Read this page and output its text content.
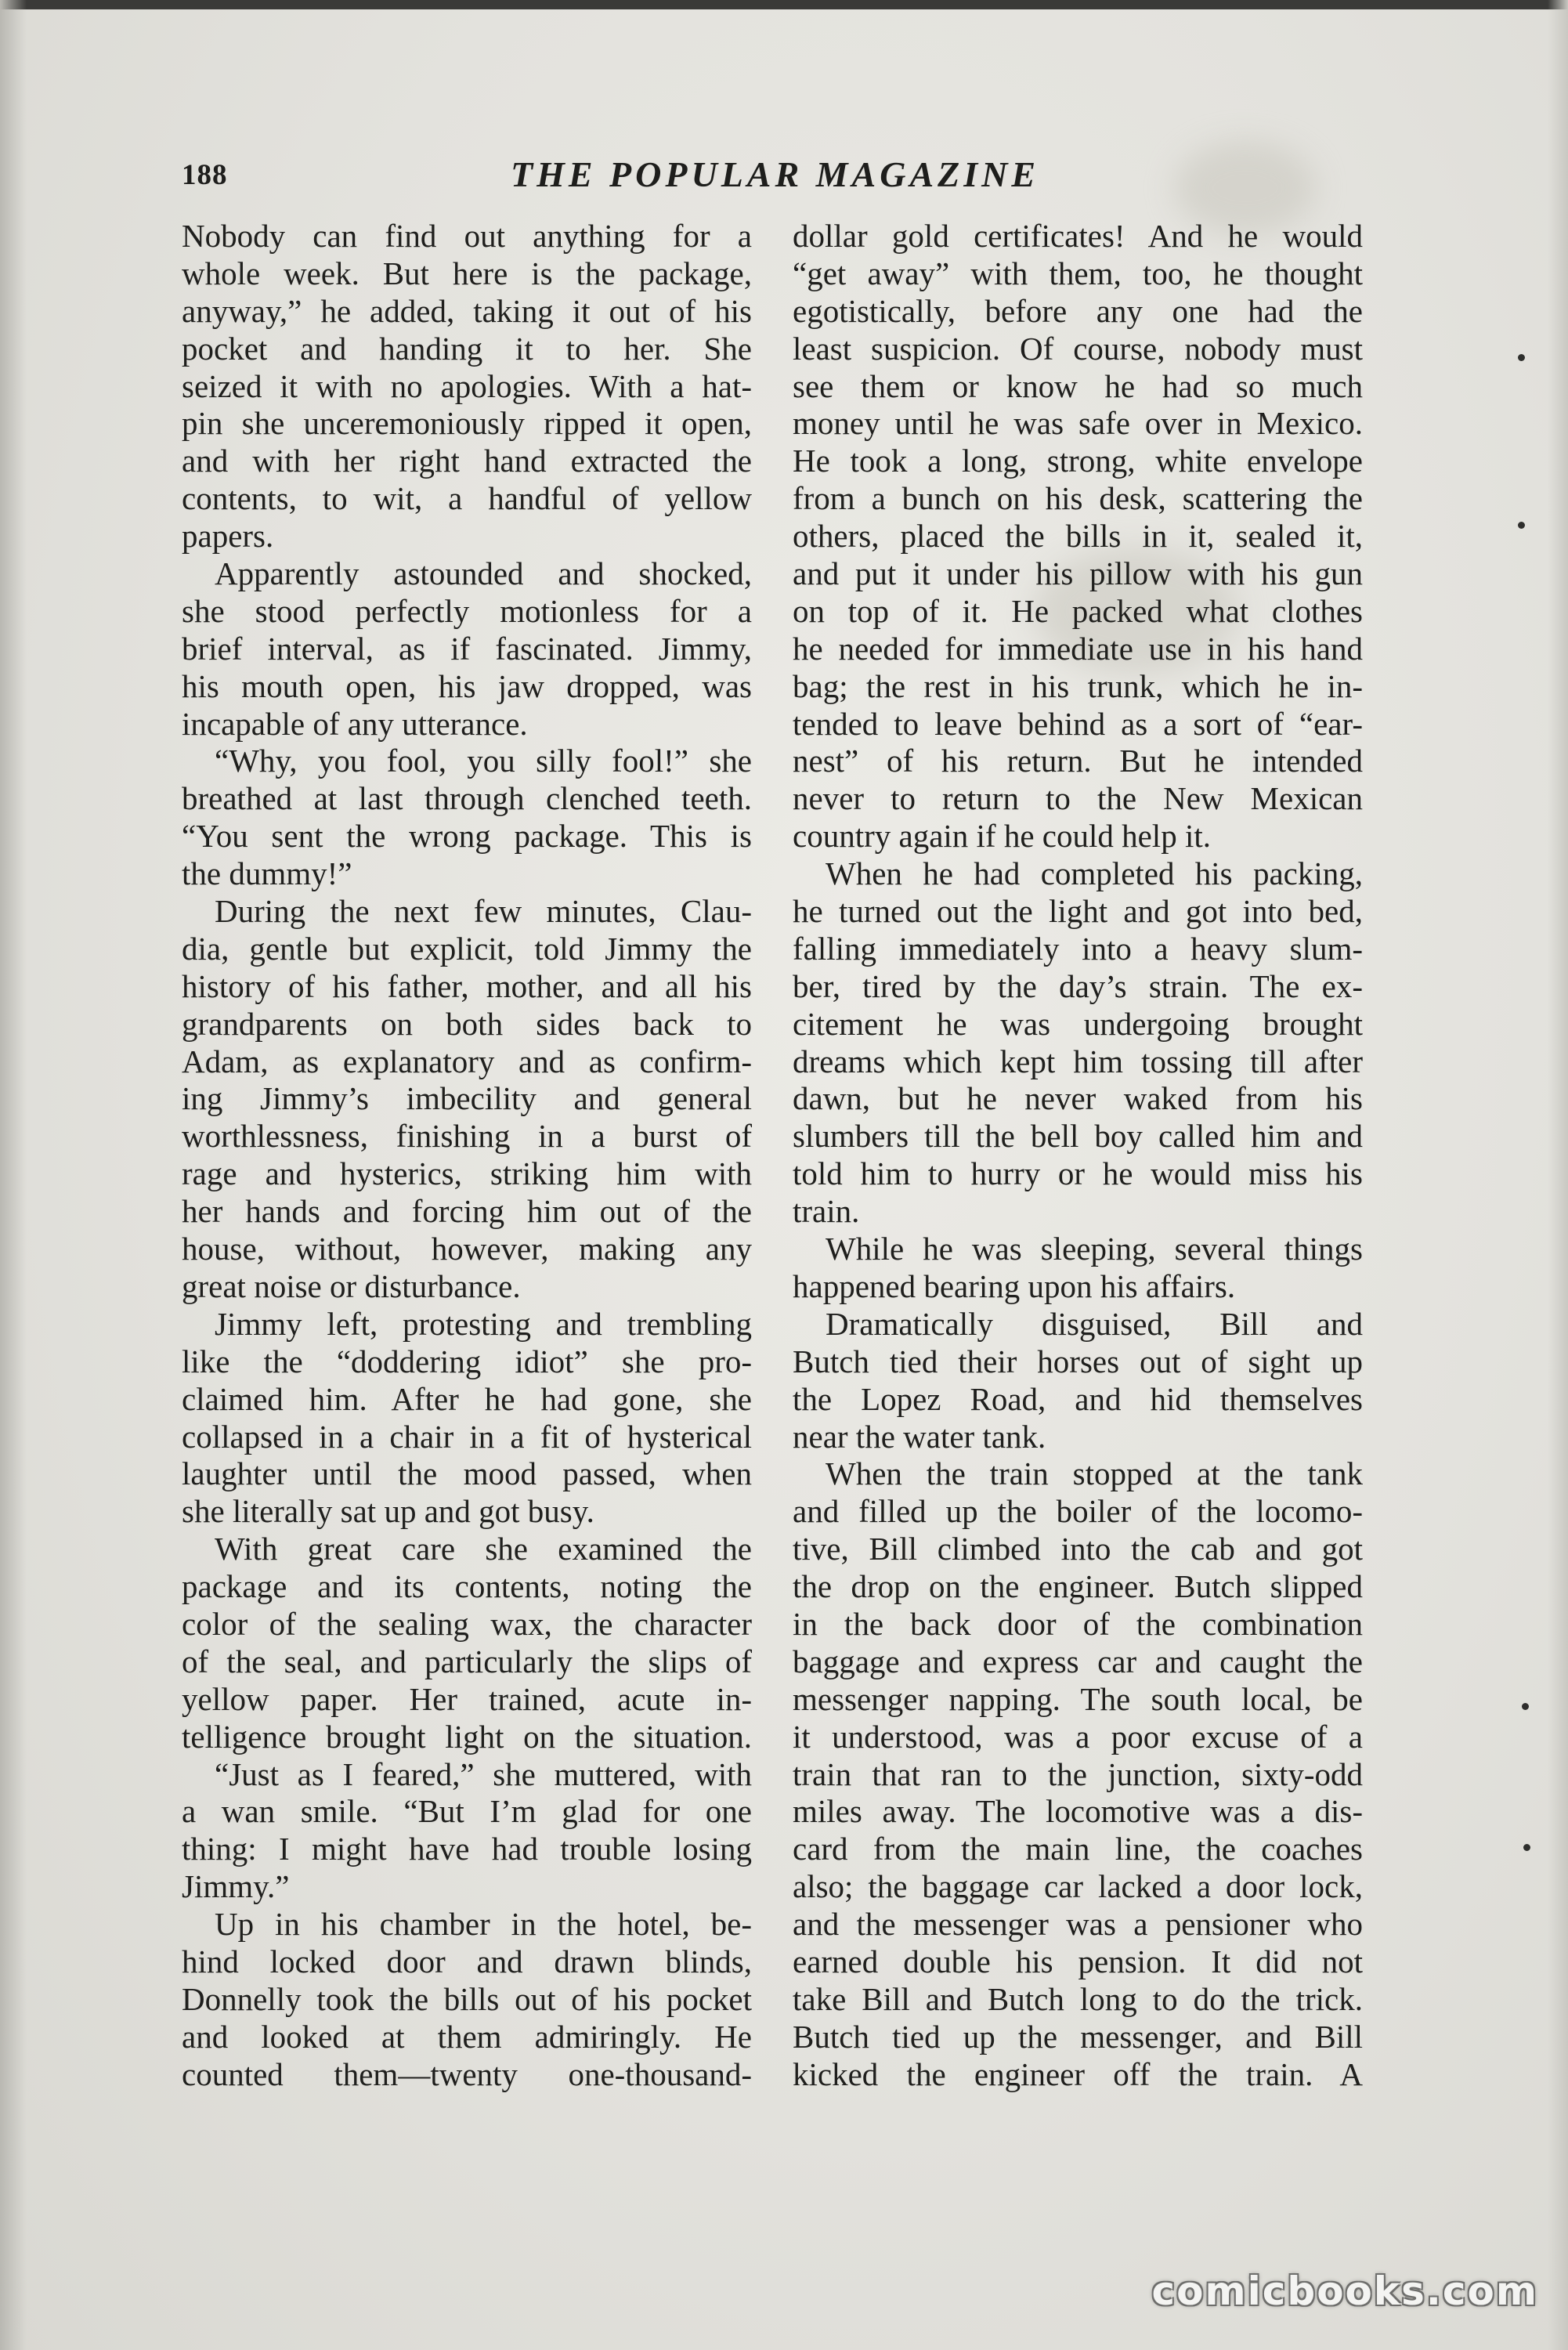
188	THE POPULAR MAGAZINE
Nobody can find out anything for a
whole week. But here is the package,
anyway,” he added, taking it out of his
pocket and handing it to her. She
seized it with no apologies. With a hat-
pin she unceremoniously ripped it open,
and with her right hand extracted the
contents, to wit, a handful of yellow
papers.
Apparently astounded and shocked,
she stood perfectly motionless for a
brief interval, as if fascinated. Jimmy,
his mouth open, his jaw dropped, was
incapable of any utterance.
“Why, you fool, you silly fool!” she
breathed at last through clenched teeth.
“You sent the wrong package. This is
the dummy!”
During the next few minutes, Clau-
dia, gentle but explicit, told Jimmy the
history of his father, mother, and all his
grandparents on both sides back to
Adam, as explanatory and as confirm-
ing Jimmy’s imbecility and general
worthlessness, finishing in a burst of
rage and hysterics, striking him with
her hands and forcing him out of the
house, without, however, making any
great noise or disturbance.
Jimmy left, protesting and trembling
like the “doddering idiot” she pro-
claimed him. After he had gone, she
collapsed in a chair in a fit of hysterical
laughter until the mood passed, when
she literally sat up and got busy.
With great care she examined the
package and its contents, noting the
color of the sealing wax, the character
of the seal, and particularly the slips of
yellow paper. Her trained, acute in-
telligence brought light on the situation.
“Just as I feared,” she muttered, with
a wan smile. “But I’m glad for one
thing: I might have had trouble losing
Jimmy.”
Up in his chamber in the hotel, be-
hind locked door and drawn blinds,
Donnelly took the bills out of his pocket
and looked at them admiringly. He
counted them—twenty one-thousand-
dollar gold certificates! And he would
“get away” with them, too, he thought
egotistically, before any one had the
least suspicion. Of course, nobody must
see them or know he had so much
money until he was safe over in Mexico.
He took a long, strong, white envelope
from a bunch on his desk, scattering the
others, placed the bills in it, sealed it,
and put it under his pillow with his gun
on top of it. He packed what clothes
he needed for immediate use in his hand
bag; the rest in his trunk, which he in-
tended to leave behind as a sort of “ear-
nest” of his return. But he intended
never to return to the New Mexican
country again if he could help it.
When he had completed his packing,
he turned out the light and got into bed,
falling immediately into a heavy slum-
ber, tired by the day’s strain. The ex-
citement he was undergoing brought
dreams which kept him tossing till after
dawn, but he never waked from his
slumbers till the bell boy called him and
told him to hurry or he would miss his
train.
While he was sleeping, several things
happened bearing upon his affairs.
Dramatically disguised, Bill and
Butch tied their horses out of sight up
the Lopez Road, and hid themselves
near the water tank.
When the train stopped at the tank
and filled up the boiler of the locomo-
tive, Bill climbed into the cab and got
the drop on the engineer. Butch slipped
in the back door of the combination
baggage and express car and caught the
messenger napping. The south local, be
it understood, was a poor excuse of a
train that ran to the junction, sixty-odd
miles away. The locomotive was a dis-
card from the main line, the coaches
also; the baggage car lacked a door lock,
and the messenger was a pensioner who
earned double his pension. It did not
take Bill and Butch long to do the trick.
Butch tied up the messenger, and Bill
kicked the engineer off the train. A
comicbooks.com
